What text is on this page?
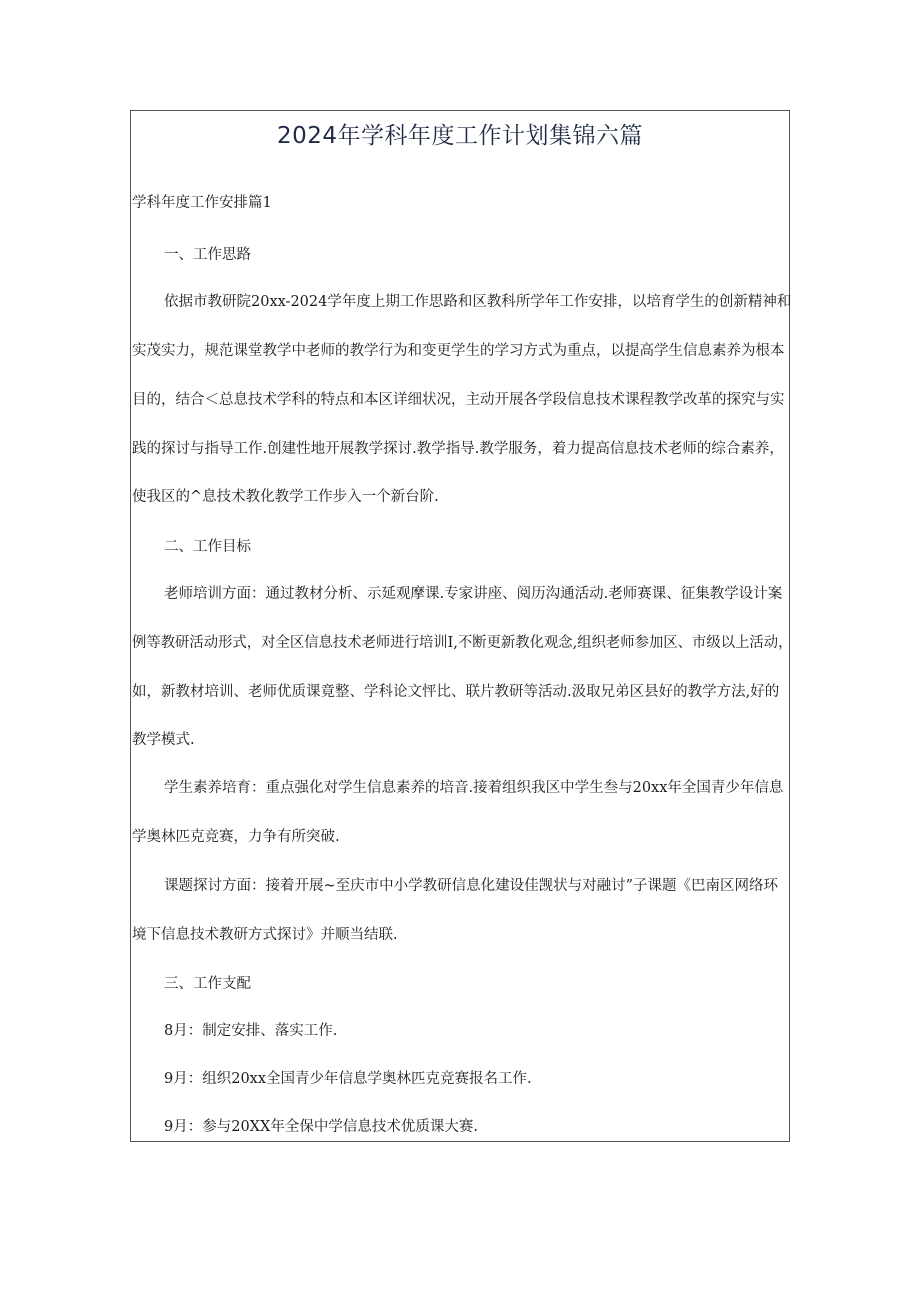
2024年学科年度工作计划集锦六篇

学科年度工作安排篇1

一、工作思路

依据市教研院20xx-2024学年度上期工作思路和区教科所学年工作安排，以培育学生的创新精神和

实茂实力，规范课堂教学中老师的教学行为和变更学生的学习方式为重点，以提高学生信息素养为根本

目的，结合＜总息技术学科的特点和本区详细状况，主动开展各学段信息技术课程教学改革的探究与实

践的探讨与指导工作.创建性地开展教学探讨.教学指导.教学服务，着力提高信息技术老师的综合素养，

使我区的^息技术教化教学工作步入一个新台阶.

二、工作目标

老师培训方面：通过教材分析、示延观摩课.专家讲座、阅历沟通活动.老师赛课、征集教学设计案

例等教研活动形式，对全区信息技术老师进行培训I,不断更新教化观念,组织老师参加区、市级以上活动，

如，新教材培训、老师优质课竟整、学科论文怦比、联片教研等活动.汲取兄弟区县好的教学方法,好的

教学模式.

学生素养培育：重点强化对学生信息素养的培音.接着组织我区中学生叁与20xx年全国青少年信息

学奥林匹克竞赛，力争有所突破.

课题探讨方面：接着开展~至庆市中小学教研信息化建设佳觊状与对融讨”子课题《巴南区网络环

境下信息技术教研方式探讨》并顺当结联.

三、工作支配

8月：制定安排、落实工作.

9月：组织20xx全国青少年信息学奥林匹克竞赛报名工作.

9月：参与20XX年全保中学信息技术优质课大赛.
